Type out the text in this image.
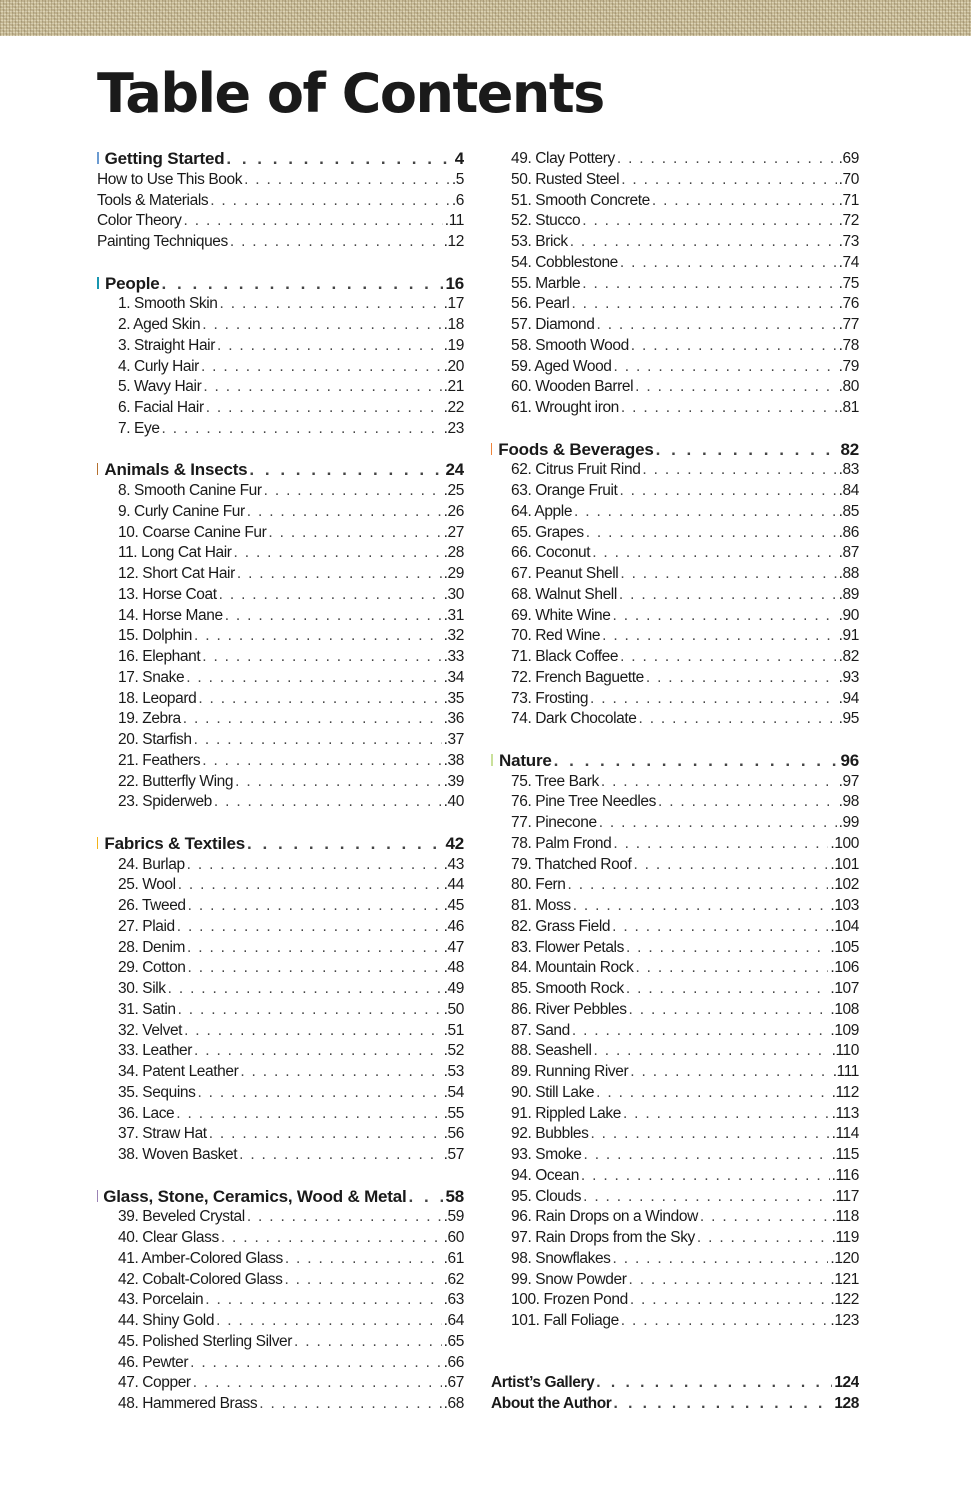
Table of Contents
Getting Started . . .	4
How to Use This Book . . .	.5
Tools & Materials . . .	.6
Color Theory . . .	.11
Painting Techniques . . .	.12
People . . .	16
1. Smooth Skin . . .	.17
2. Aged Skin . . .	.18
3. Straight Hair . . .	.19
4. Curly Hair . . .	.20
5. Wavy Hair . . .	.21
6. Facial Hair . . .	.22
7. Eye . . .	.23
Animals & Insects . . .	24
8. Smooth Canine Fur . . .	.25
9. Curly Canine Fur . . .	.26
10. Coarse Canine Fur . . .	.27
11. Long Cat Hair . . .	.28
12. Short Cat Hair . . .	.29
13. Horse Coat . . .	.30
14. Horse Mane . . .	.31
15. Dolphin . . .	.32
16. Elephant . . .	.33
17. Snake . . .	.34
18. Leopard . . .	.35
19. Zebra . . .	.36
20. Starfish . . .	.37
21. Feathers . . .	.38
22. Butterfly Wing . . .	.39
23. Spiderweb . . .	.40
Fabrics & Textiles . . .	42
24. Burlap . . .	.43
25. Wool . . .	.44
26. Tweed . . .	.45
27. Plaid . . .	.46
28. Denim . . .	.47
29. Cotton . . .	.48
30. Silk . . .	.49
31. Satin . . .	.50
32. Velvet . . .	.51
33. Leather . . .	.52
34. Patent Leather . . .	.53
35. Sequins . . .	.54
36. Lace . . .	.55
37. Straw Hat . . .	.56
38. Woven Basket . . .	.57
Glass, Stone, Ceramics, Wood & Metal . . . 58
39. Beveled Crystal . . .	.59
40. Clear Glass . . .	.60
41. Amber-Colored Glass . . .	.61
42. Cobalt-Colored Glass . . .	.62
43. Porcelain . . .	.63
44. Shiny Gold . . .	.64
45. Polished Sterling Silver . . .	.65
46. Pewter . . .	.66
47. Copper . . .	.67
48. Hammered Brass . . .	.68
49. Clay Pottery . . .	.69
50. Rusted Steel . . .	.70
51. Smooth Concrete . . .	.71
52. Stucco . . .	.72
53. Brick . . .	.73
54. Cobblestone . . .	.74
55. Marble . . .	.75
56. Pearl . . .	.76
57. Diamond . . .	.77
58. Smooth Wood . . .	.78
59. Aged Wood . . .	.79
60. Wooden Barrel . . .	.80
61. Wrought iron . . .	.81
Foods & Beverages . . .	82
62. Citrus Fruit Rind . . .	.83
63. Orange Fruit . . .	.84
64. Apple . . .	.85
65. Grapes . . .	.86
66. Coconut . . .	.87
67. Peanut Shell . . .	.88
68. Walnut Shell . . .	.89
69. White Wine . . .	.90
70. Red Wine . . .	.91
71. Black Coffee . . .	.82
72. French Baguette . . .	.93
73. Frosting . . .	.94
74. Dark Chocolate . . .	.95
Nature . . .	96
75. Tree Bark . . .	.97
76. Pine Tree Needles . . .	.98
77. Pinecone . . .	.99
78. Palm Frond . . .	.100
79. Thatched Roof . . .	.101
80. Fern . . .	.102
81. Moss . . .	.103
82. Grass Field . . .	.104
83. Flower Petals . . .	.105
84. Mountain Rock . . .	.106
85. Smooth Rock . . .	.107
86. River Pebbles . . .	.108
87. Sand . . .	.109
88. Seashell . . .	.110
89. Running River . . .	.111
90. Still Lake . . .	.112
91. Rippled Lake . . .	.113
92. Bubbles . . .	.114
93. Smoke . . .	.115
94. Ocean . . .	.116
95. Clouds . . .	.117
96. Rain Drops on a Window . . .	.118
97. Rain Drops from the Sky . . .	.119
98. Snowflakes . . .	.120
99. Snow Powder . . .	.121
100. Frozen Pond . . .	.122
101. Fall Foliage . . .	.123
Artist’s Gallery . . .	124
About the Author . . .	128
